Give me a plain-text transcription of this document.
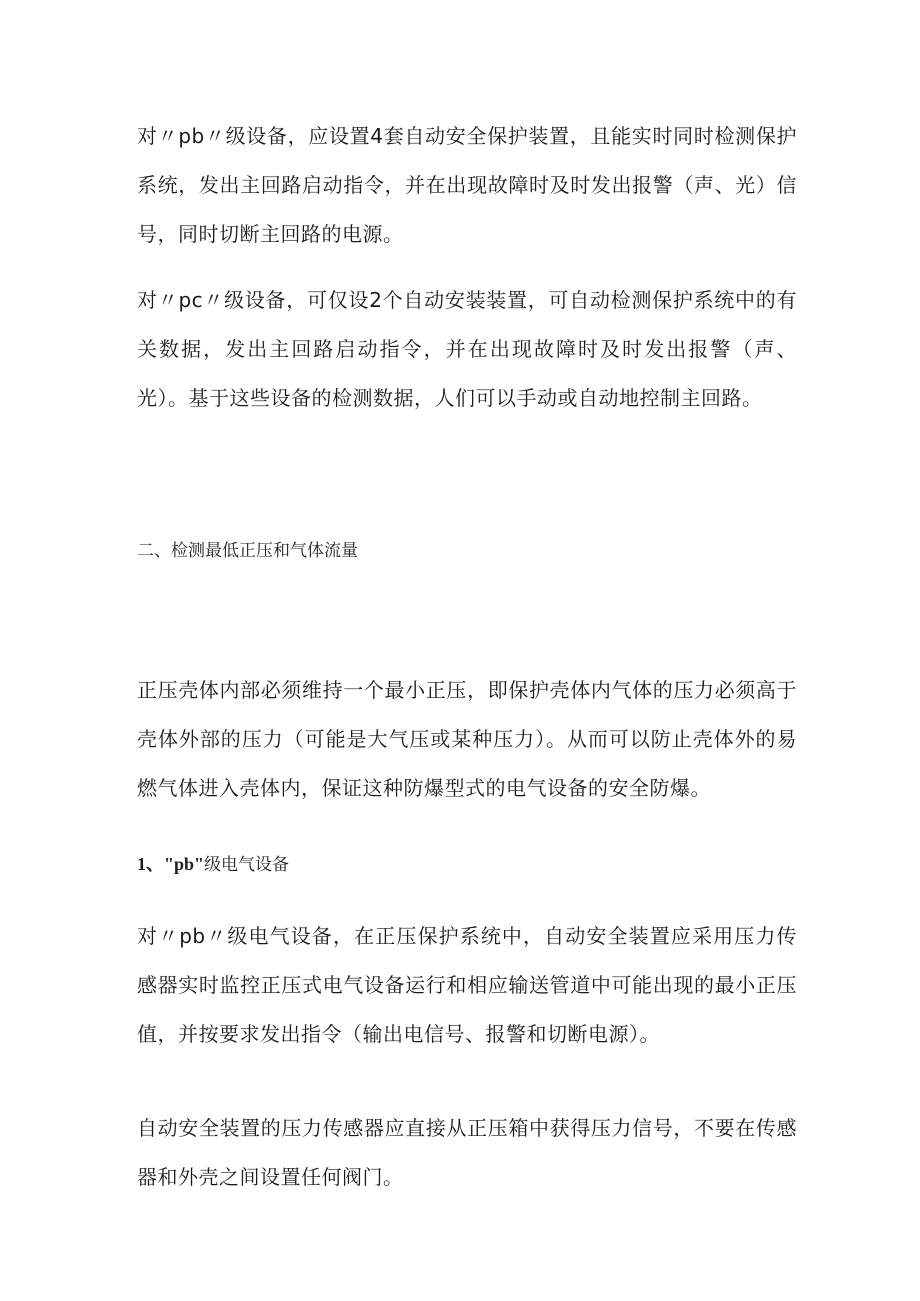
对〃pb〃级设备，应设置4套自动安全保护装置，且能实时同时检测保护系统，发出主回路启动指令，并在出现故障时及时发出报警（声、光）信号，同时切断主回路的电源。

对〃pc〃级设备，可仅设2个自动安装装置，可自动检测保护系统中的有关数据，发出主回路启动指令，并在出现故障时及时发出报警（声、光）。基于这些设备的检测数据，人们可以手动或自动地控制主回路。

二、检测最低正压和气体流量

正压壳体内部必须维持一个最小正压，即保护壳体内气体的压力必须高于壳体外部的压力（可能是大气压或某种压力）。从而可以防止壳体外的易燃气体进入壳体内，保证这种防爆型式的电气设备的安全防爆。

1、"pb"级电气设备

对〃pb〃级电气设备，在正压保护系统中，自动安全装置应采用压力传感器实时监控正压式电气设备运行和相应输送管道中可能出现的最小正压值，并按要求发出指令（输出电信号、报警和切断电源）。

自动安全装置的压力传感器应直接从正压箱中获得压力信号，不要在传感器和外壳之间设置任何阀门。
